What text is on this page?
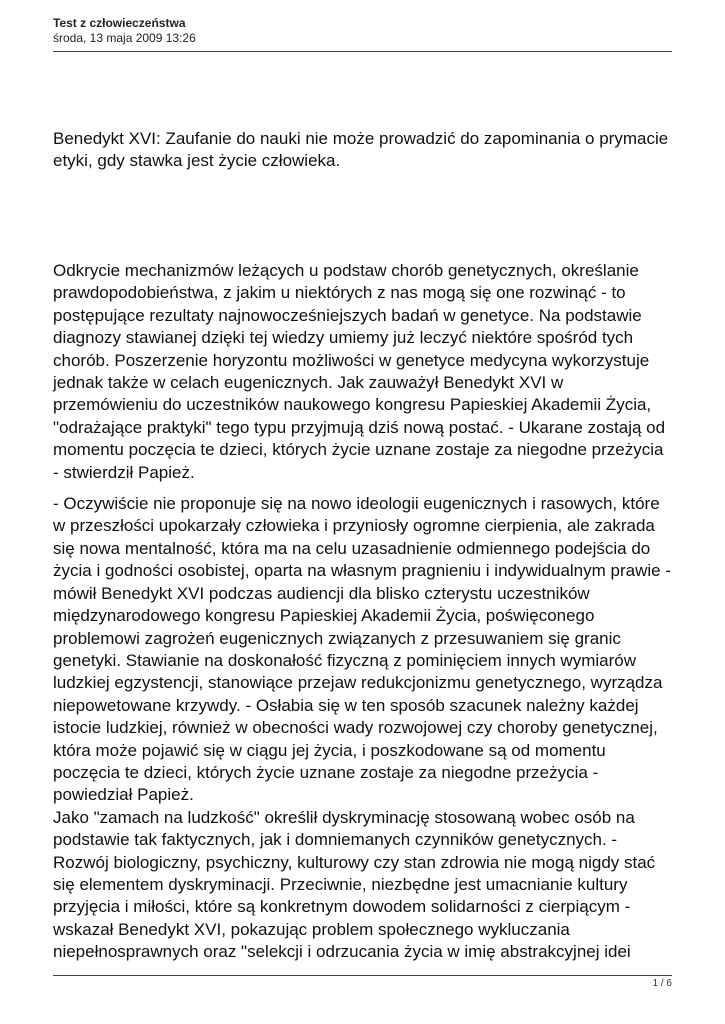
Test z człowieczeństwa
środa, 13 maja 2009 13:26
Benedykt XVI: Zaufanie do nauki nie może prowadzić do zapominania o prymacie
etyki, gdy stawka jest życie człowieka.

Odkrycie mechanizmów leżących u podstaw chorób genetycznych, określanie
prawdopodobieństwa, z jakim u niektórych z nas mogą się one rozwinąć - to
postępujące rezultaty najnowocześniejszych badań w genetyce. Na podstawie
diagnozy stawianej dzięki tej wiedzy umiemy już leczyć niektóre spośród tych
chorób. Poszerzenie horyzontu możliwości w genetyce medycyna wykorzystuje
jednak także w celach eugenicznych. Jak zauważył Benedykt XVI w
przemówieniu do uczestników naukowego kongresu Papieskiej Akademii Życia,
"odrażające praktyki" tego typu przyjmują dziś nową postać. - Ukarane zostają od
momentu poczęcia te dzieci, których życie uznane zostaje za niegodne przeżycia
- stwierdził Papież.

- Oczywiście nie proponuje się na nowo ideologii eugenicznych i rasowych, które
w przeszłości upokarzały człowieka i przyniosły ogromne cierpienia, ale zakrada
się nowa mentalność, która ma na celu uzasadnienie odmiennego podejścia do
życia i godności osobistej, oparta na własnym pragnieniu i indywidualnym prawie -
mówił Benedykt XVI podczas audiencji dla blisko czterystu uczestników
międzynarodowego kongresu Papieskiej Akademii Życia, poświęconego
problemowi zagrożeń eugenicznych związanych z przesuwaniem się granic
genetyki. Stawianie na doskonałość fizyczną z pominięciem innych wymiarów
ludzkiej egzystencji, stanowiące przejaw redukcjonizmu genetycznego, wyrządza
niepowetowane krzywdy. - Osłabia się w ten sposób szacunek należny każdej
istocie ludzkiej, również w obecności wady rozwojowej czy choroby genetycznej,
która może pojawić się w ciągu jej życia, i poszkodowane są od momentu
poczęcia te dzieci, których życie uznane zostaje za niegodne przeżycia -
powiedział Papież.
Jako "zamach na ludzkość" określił dyskryminację stosowaną wobec osób na
podstawie tak faktycznych, jak i domniemanych czynników genetycznych. -
Rozwój biologiczny, psychiczny, kulturowy czy stan zdrowia nie mogą nigdy stać
się elementem dyskryminacji. Przeciwnie, niezbędne jest umacnianie kultury
przyjęcia i miłości, które są konkretnym dowodem solidarności z cierpiącym -
wskazał Benedykt XVI, pokazując problem społecznego wykluczania
niepełnosprawnych oraz "selekcji i odrzucania życia w imię abstrakcyjnej idei

1 / 6
